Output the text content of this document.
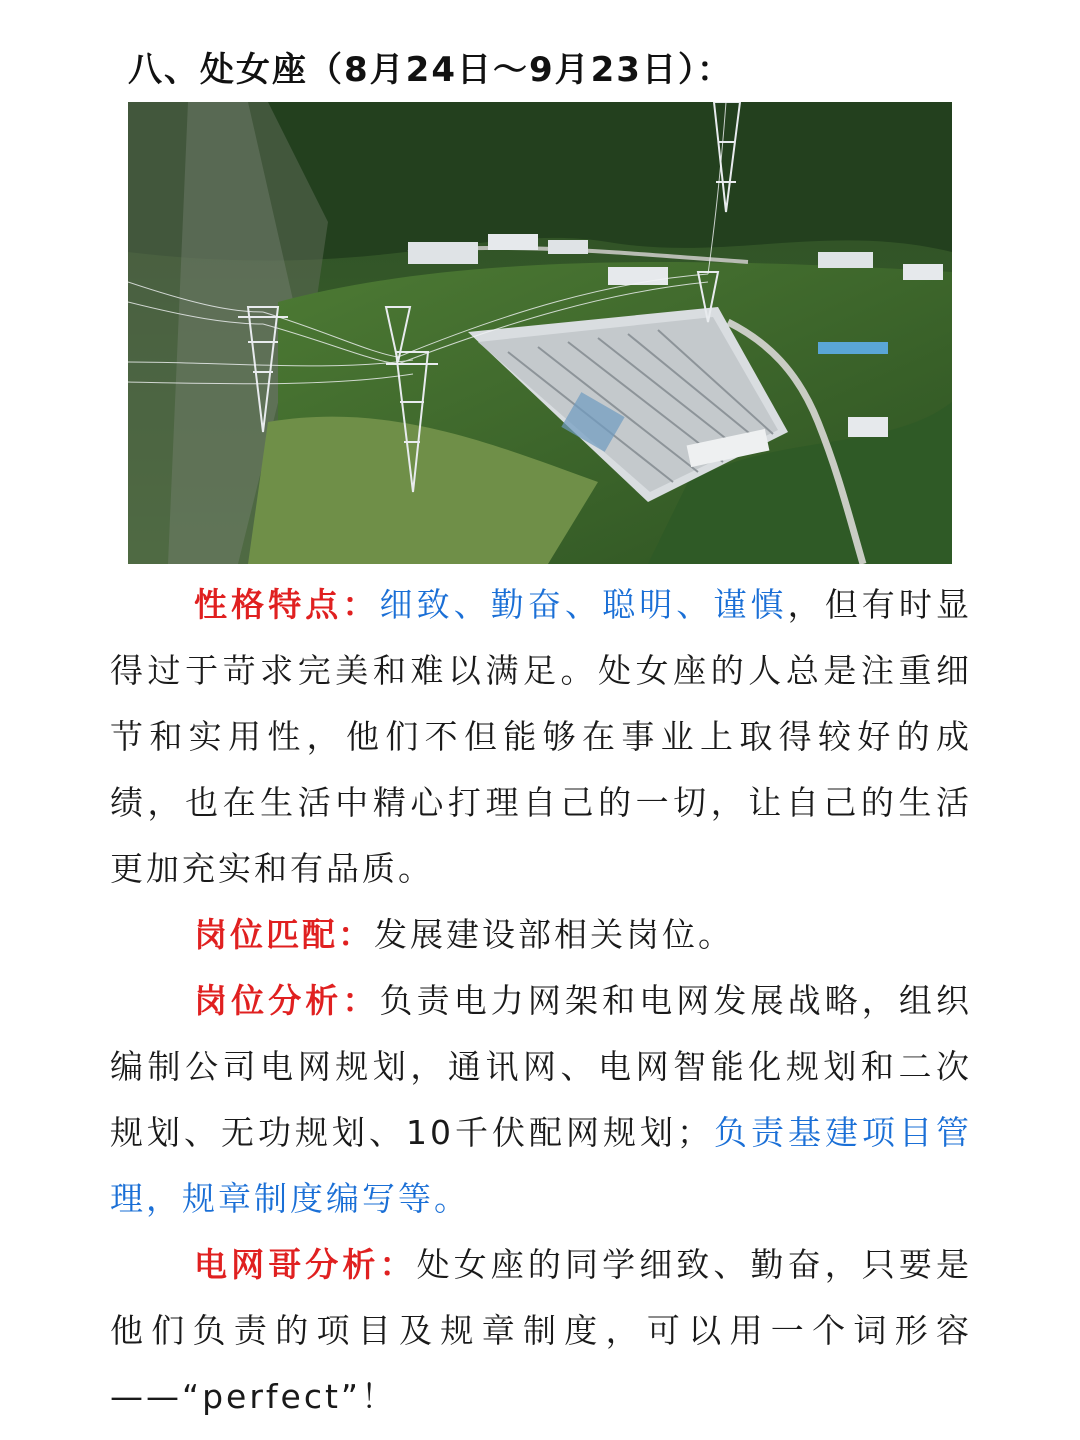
八、处女座（8月24日～9月23日）：

性格特点：细致、勤奋、聪明、谨慎，但有时显得过于苛求完美和难以满足。处女座的人总是注重细节和实用性，他们不但能够在事业上取得较好的成绩，也在生活中精心打理自己的一切，让自己的生活更加充实和有品质。

岗位匹配：发展建设部相关岗位。

岗位分析：负责电力网架和电网发展战略，组织编制公司电网规划，通讯网、电网智能化规划和二次规划、无功规划、10千伏配网规划；负责基建项目管理，规章制度编写等。

电网哥分析：处女座的同学细致、勤奋，只要是他们负责的项目及规章制度，可以用一个词形容——“perfect”！
